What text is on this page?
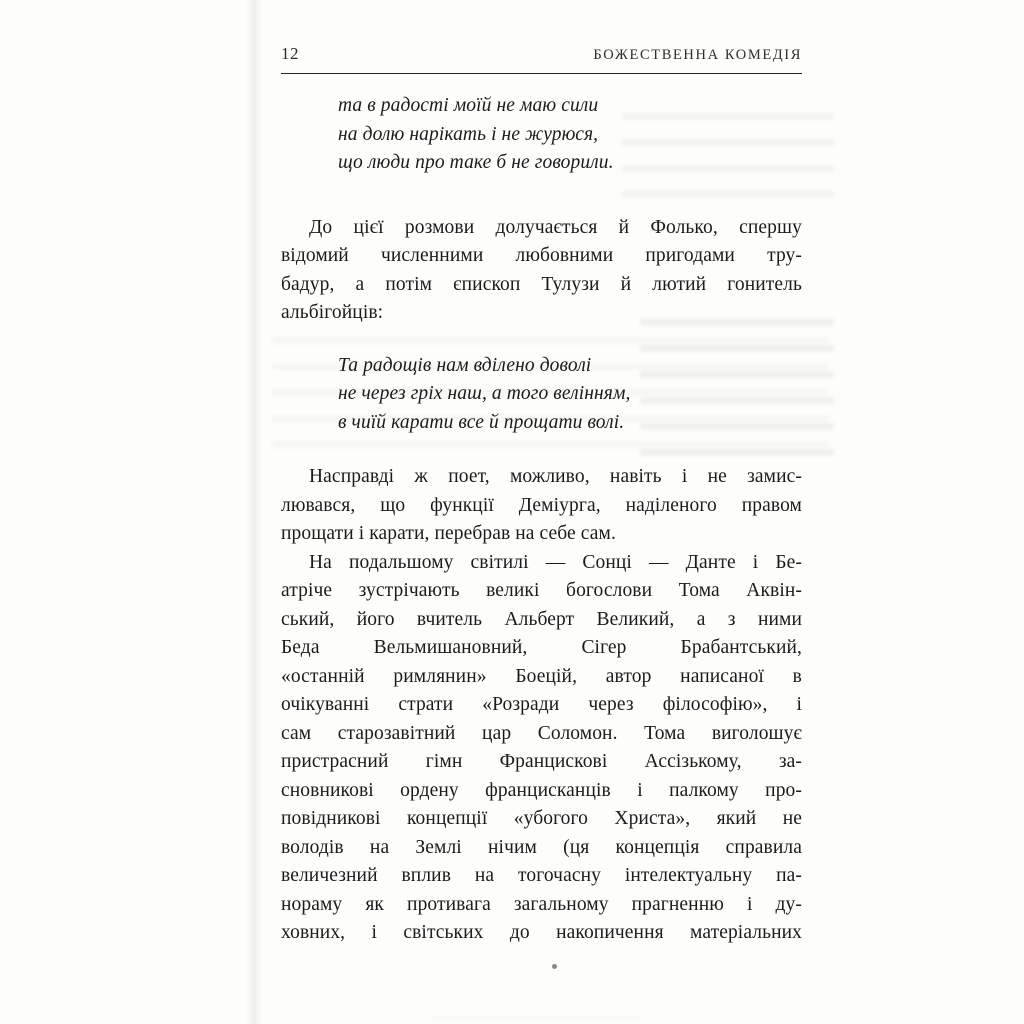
12	БОЖЕСТВЕННА КОМЕДІЯ
та в радості моїй не маю сили
на долю нарікать і не журюся,
що люди про таке б не говорили.
До цієї розмови долучається й Фолько, спершу
відомий численними любовними пригодами тру-
бадур, а потім єпископ Тулузи й лютий гонитель
альбігойців:
Та радощів нам вділено доволі
не через гріх наш, а того велінням,
в чиїй карати все й прощати волі.
Насправді ж поет, можливо, навіть і не замис-
лювався, що функції Деміурга, наділеного правом
прощати і карати, перебрав на себе сам.
На подальшому світилі — Сонці — Данте і Бе-
атріче зустрічають великі богослови Тома Аквін-
ський, його вчитель Альберт Великий, а з ними
Беда Вельмишановний, Сігер Брабантський,
«останній римлянин» Боецій, автор написаної в
очікуванні страти «Розради через філософію», і
сам старозавітний цар Соломон. Тома виголошує
пристрасний гімн Францискові Ассізькому, за-
сновникові ордену францисканців і палкому про-
повідниковi концепції «убогого Христа», який не
володів на Землі нічим (ця концепція справила
величезний вплив на тогочасну інтелектуальну па-
нораму як противага загальному прагненню і ду-
ховних, і світських до накопичення матеріальних
